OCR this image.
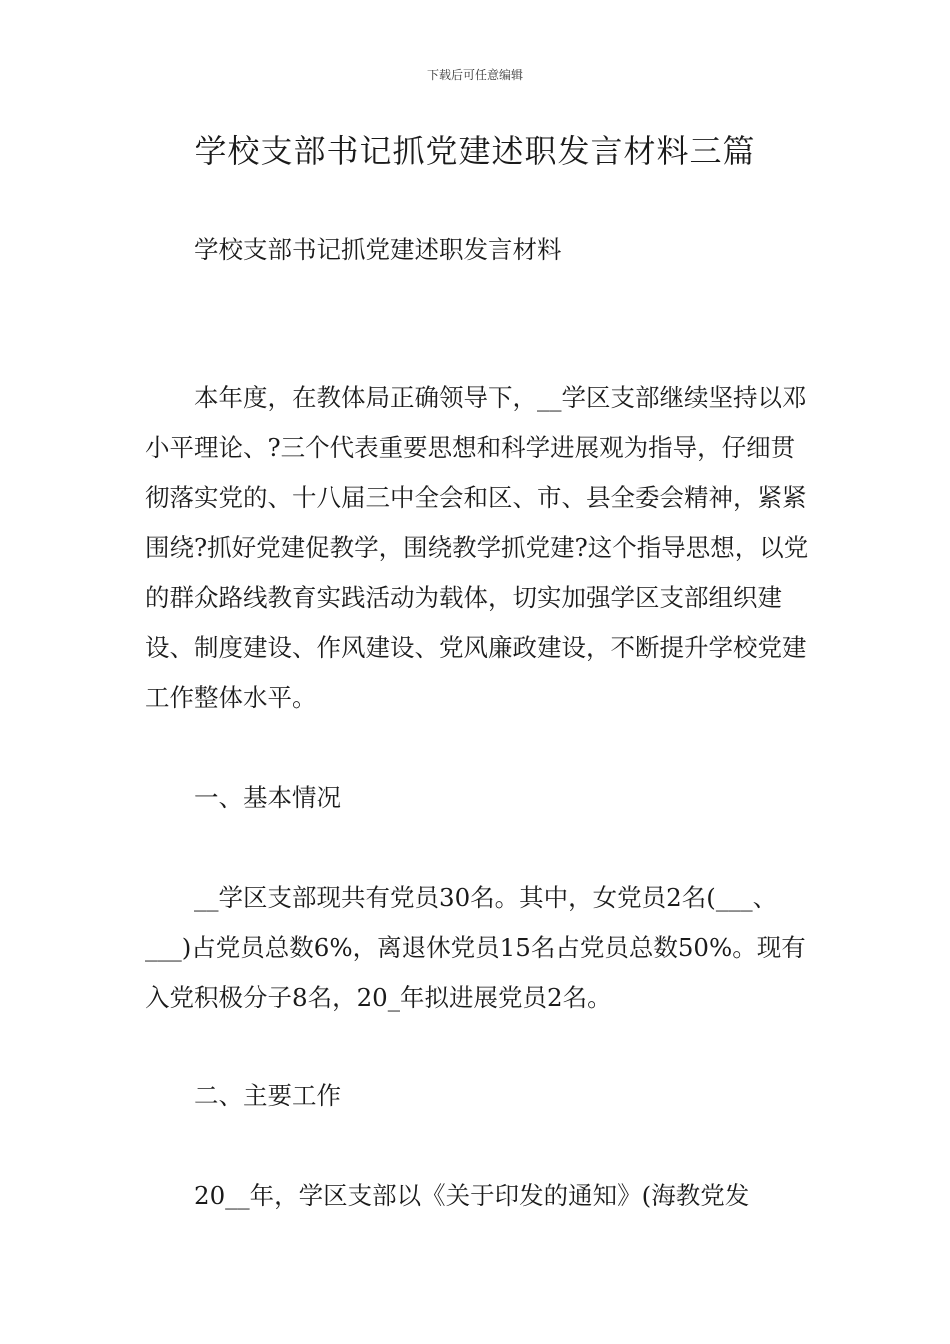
下载后可任意编辑
学校支部书记抓党建述职发言材料三篇
学校支部书记抓党建述职发言材料

本年度，在教体局正确领导下，__学区支部继续坚持以邓小平理论、?三个代表重要思想和科学进展观为指导，仔细贯彻落实党的、十八届三中全会和区、市、县全委会精神，紧紧围绕?抓好党建促教学，围绕教学抓党建?这个指导思想，以党的群众路线教育实践活动为载体，切实加强学区支部组织建设、制度建设、作风建设、党风廉政建设，不断提升学校党建工作整体水平。

一、基本情况

__学区支部现共有党员30名。其中，女党员2名(___、___)占党员总数6%，离退休党员15名占党员总数50%。现有入党积极分子8名，20_年拟进展党员2名。

二、主要工作

20__年，学区支部以《关于印发的通知》(海教党发
